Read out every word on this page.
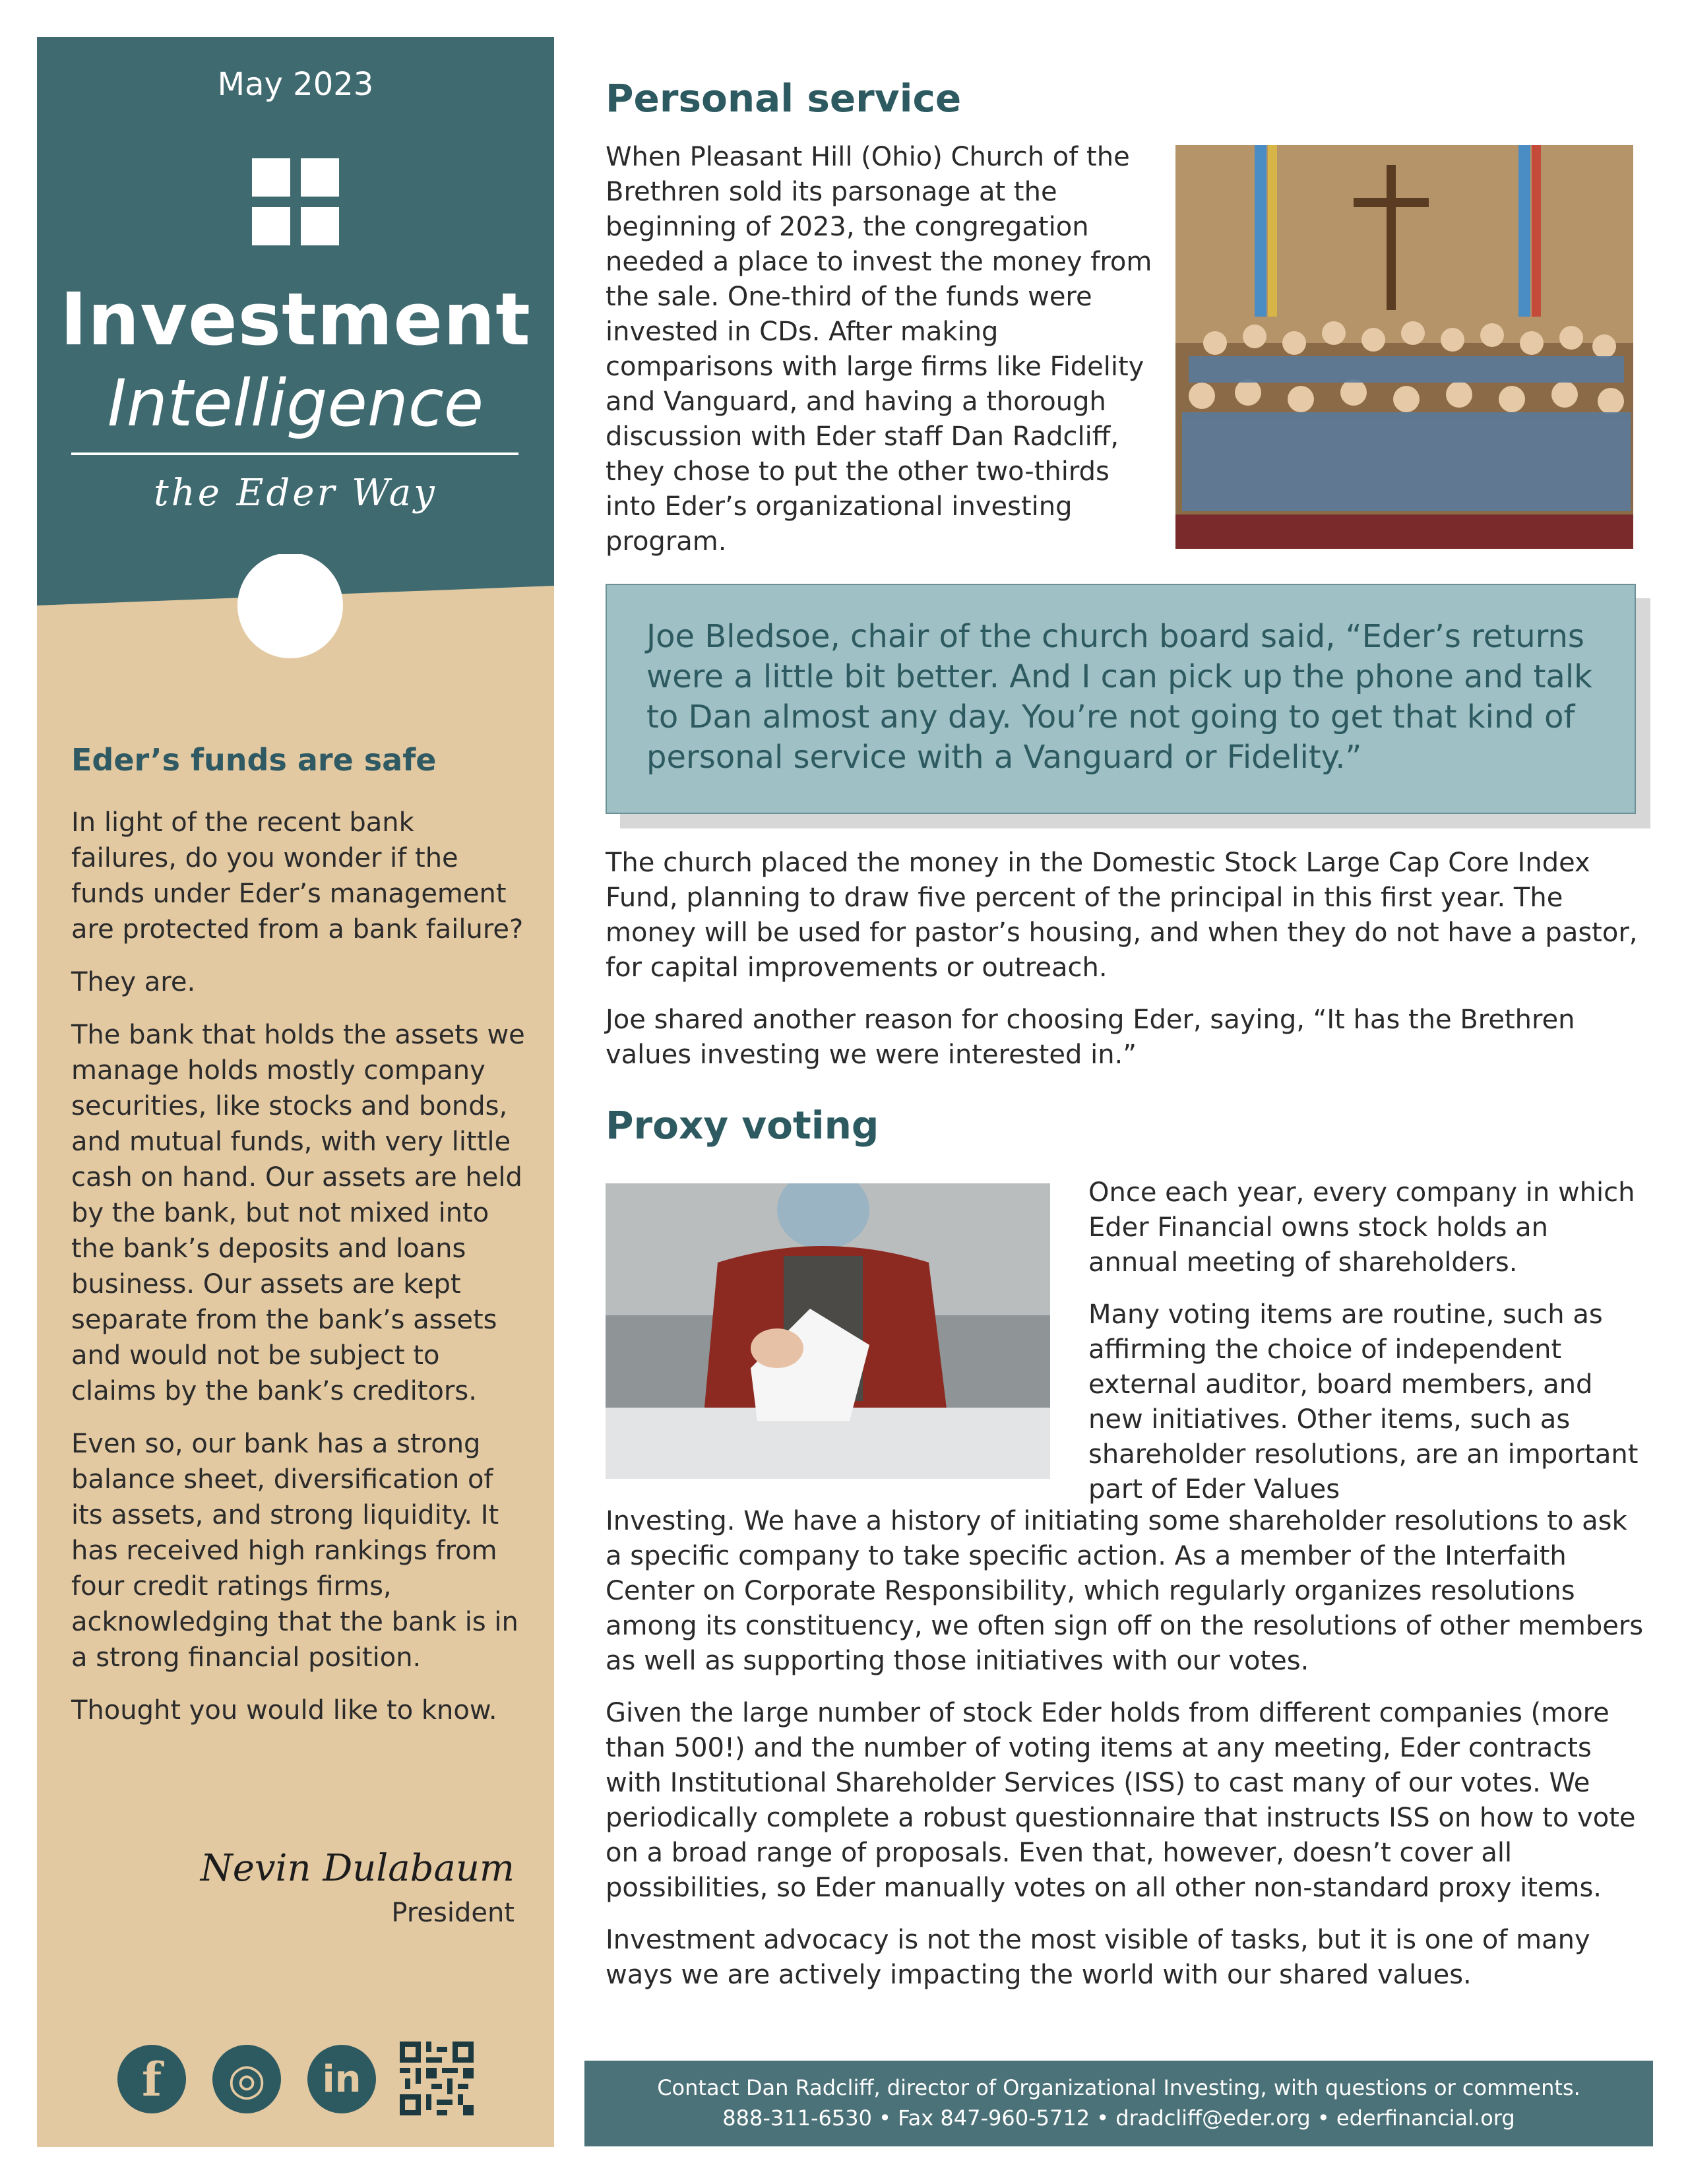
May 2023
Investment
Intelligence
the Eder Way
Eder’s funds are safe

In light of the recent bank failures, do you wonder if the funds under Eder’s management are protected from a bank failure?

They are.

The bank that holds the assets we manage holds mostly company securities, like stocks and bonds, and mutual funds, with very little cash on hand. Our assets are held by the bank, but not mixed into the bank’s deposits and loans business. Our assets are kept separate from the bank’s assets and would not be subject to claims by the bank’s creditors.

Even so, our bank has a strong balance sheet, diversification of its assets, and strong liquidity. It has received high rankings from four credit ratings firms, acknowledging that the bank is in a strong financial position.

Thought you would like to know.

Nevin Dulabaum
President
f	◎	in
Personal service
When Pleasant Hill (Ohio) Church of the Brethren sold its parsonage at the beginning of 2023, the congregation needed a place to invest the money from the sale. One-third of the funds were invested in CDs. After making comparisons with large firms like Fidelity and Vanguard, and having a thorough discussion with Eder staff Dan Radcliff, they chose to put the other two-thirds into Eder’s organizational investing program.
Joe Bledsoe, chair of the church board said, “Eder’s returns were a little bit better. And I can pick up the phone and talk to Dan almost any day. You’re not going to get that kind of personal service with a Vanguard or Fidelity.”

The church placed the money in the Domestic Stock Large Cap Core Index Fund, planning to draw five percent of the principal in this first year. The money will be used for pastor’s housing, and when they do not have a pastor, for capital improvements or outreach.

Joe shared another reason for choosing Eder, saying, “It has the Brethren values investing we were interested in.”

Proxy voting

Once each year, every company in which Eder Financial owns stock holds an annual meeting of shareholders.

Many voting items are routine, such as affirming the choice of independent external auditor, board members, and new initiatives. Other items, such as shareholder resolutions, are an important part of Eder Values

Investing. We have a history of initiating some shareholder resolutions to ask a specific company to take specific action. As a member of the Interfaith Center on Corporate Responsibility, which regularly organizes resolutions among its constituency, we often sign off on the resolutions of other members as well as supporting those initiatives with our votes.

Given the large number of stock Eder holds from different companies (more than 500!) and the number of voting items at any meeting, Eder contracts with Institutional Shareholder Services (ISS) to cast many of our votes. We periodically complete a robust questionnaire that instructs ISS on how to vote on a broad range of proposals. Even that, however, doesn’t cover all possibilities, so Eder manually votes on all other non-standard proxy items.

Investment advocacy is not the most visible of tasks, but it is one of many ways we are actively impacting the world with our shared values.

Contact Dan Radcliff, director of Organizational Investing, with questions or comments.
888-311-6530 • Fax 847-960-5712 • dradcliff@eder.org • ederfinancial.org
